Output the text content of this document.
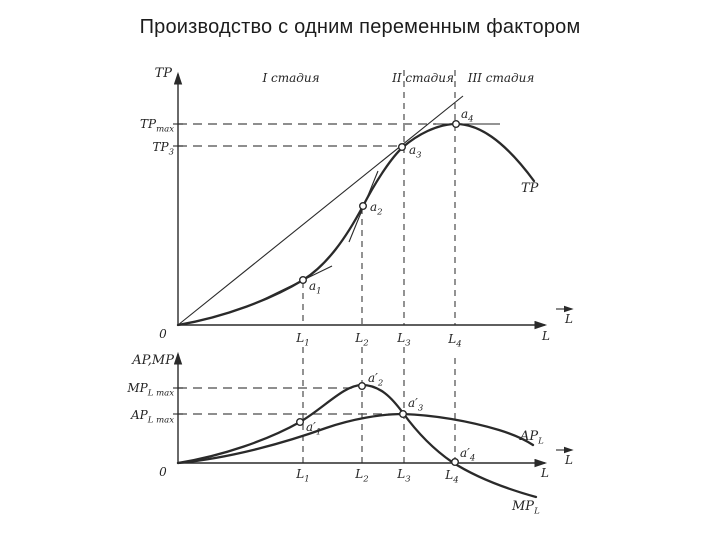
Производство с одним переменным фактором
TP	I стадия	II стадия III стадия
$TP_{max}$
$TP_3$
0	$L_1$	$L_2$ $L_3$	$L_4$
L
L
$a_1$
$a_2$
$a_3$
$a_4$
TP
AP,MP
$MP_{L max}$
$AP_{L max}$
0	$L_1$	$L_2$ $L_3$	$L_4$
L
L
$a'_1$
$a'_2$
$a'_3$
$a'_4$
$AP_L$
$MP_L$
